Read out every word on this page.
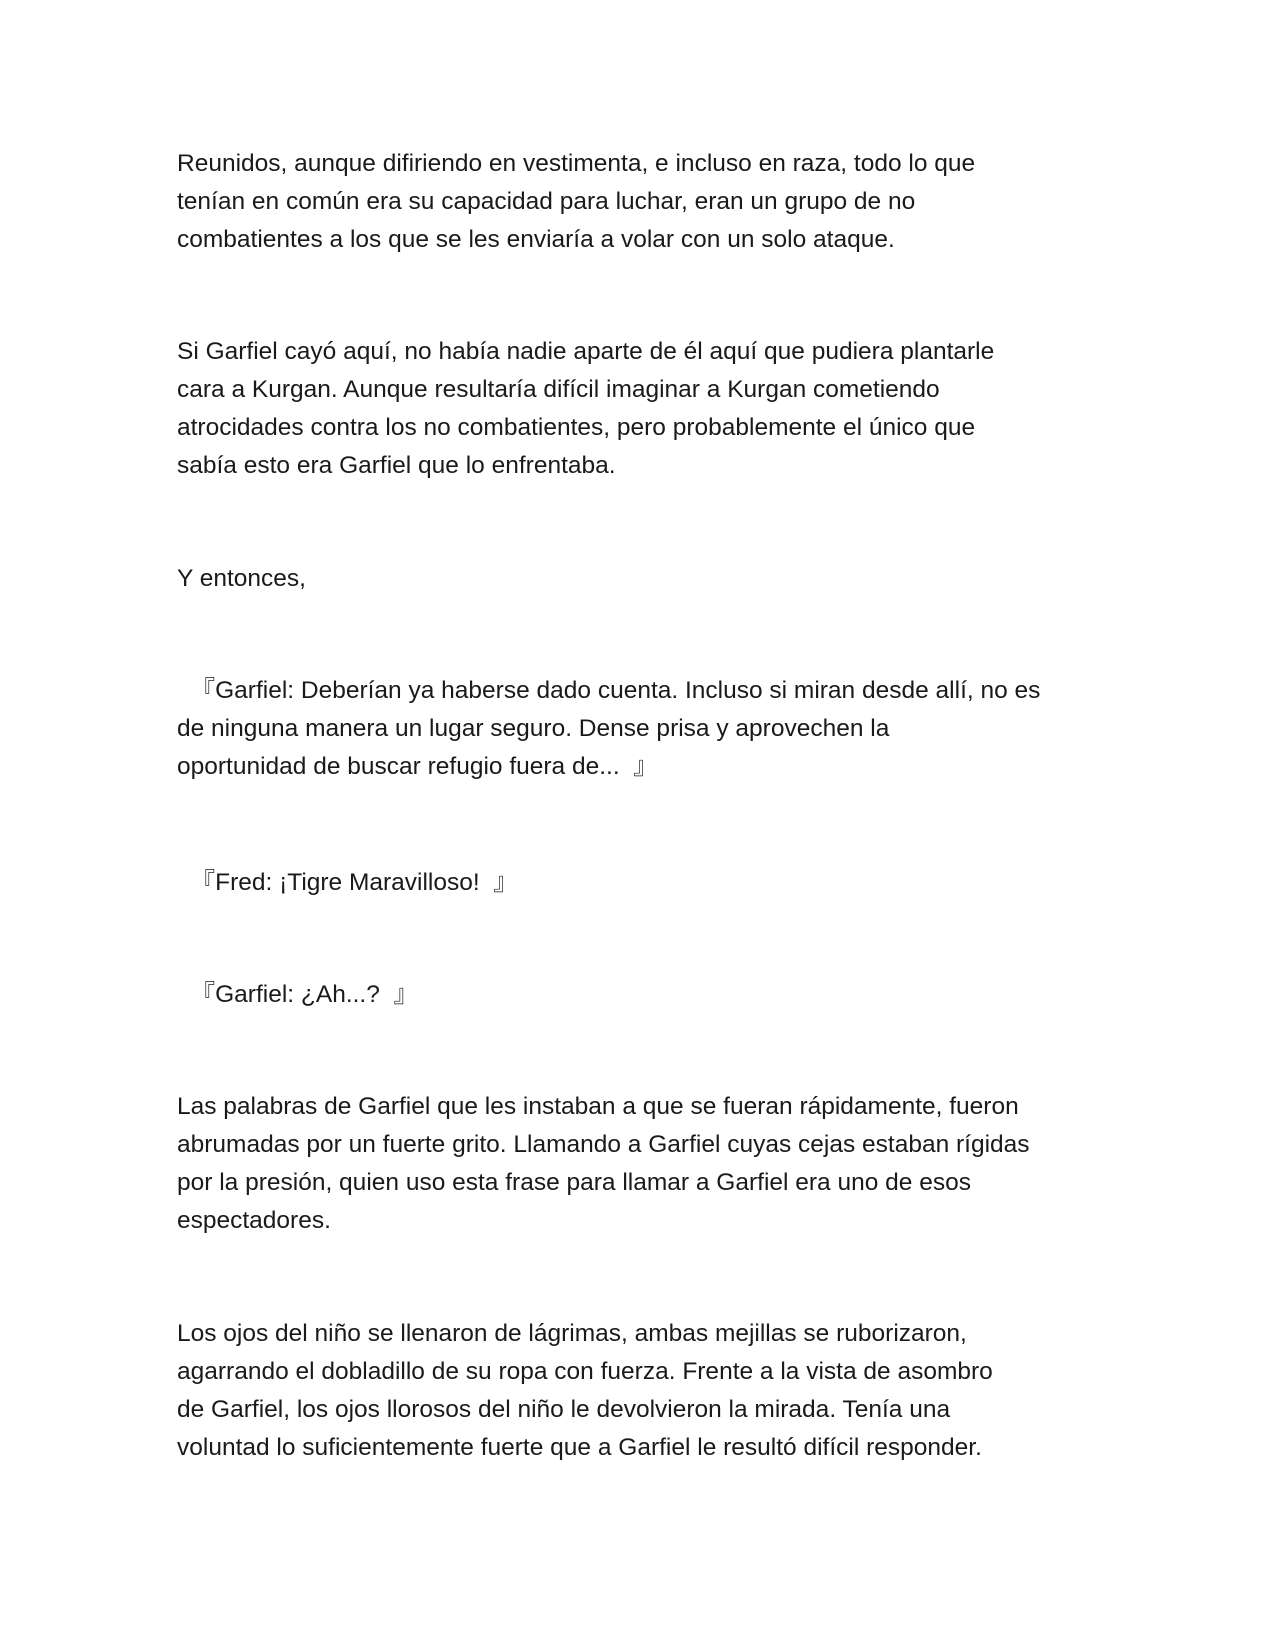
Reunidos, aunque difiriendo en vestimenta, e incluso en raza, todo lo que
tenían en común era su capacidad para luchar, eran un grupo de no
combatientes a los que se les enviaría a volar con un solo ataque.

Si Garfiel cayó aquí, no había nadie aparte de él aquí que pudiera plantarle
cara a Kurgan. Aunque resultaría difícil imaginar a Kurgan cometiendo
atrocidades contra los no combatientes, pero probablemente el único que
sabía esto era Garfiel que lo enfrentaba.

Y entonces,

『Garfiel: Deberían ya haberse dado cuenta. Incluso si miran desde allí, no es
de ninguna manera un lugar seguro. Dense prisa y aprovechen la
oportunidad de buscar refugio fuera de...  』

『Fred: ¡Tigre Maravilloso!  』

『Garfiel: ¿Ah...?  』

Las palabras de Garfiel que les instaban a que se fueran rápidamente, fueron
abrumadas por un fuerte grito. Llamando a Garfiel cuyas cejas estaban rígidas
por la presión, quien uso esta frase para llamar a Garfiel era uno de esos
espectadores.

Los ojos del niño se llenaron de lágrimas, ambas mejillas se ruborizaron,
agarrando el dobladillo de su ropa con fuerza. Frente a la vista de asombro
de Garfiel, los ojos llorosos del niño le devolvieron la mirada. Tenía una
voluntad lo suficientemente fuerte que a Garfiel le resultó difícil responder.
